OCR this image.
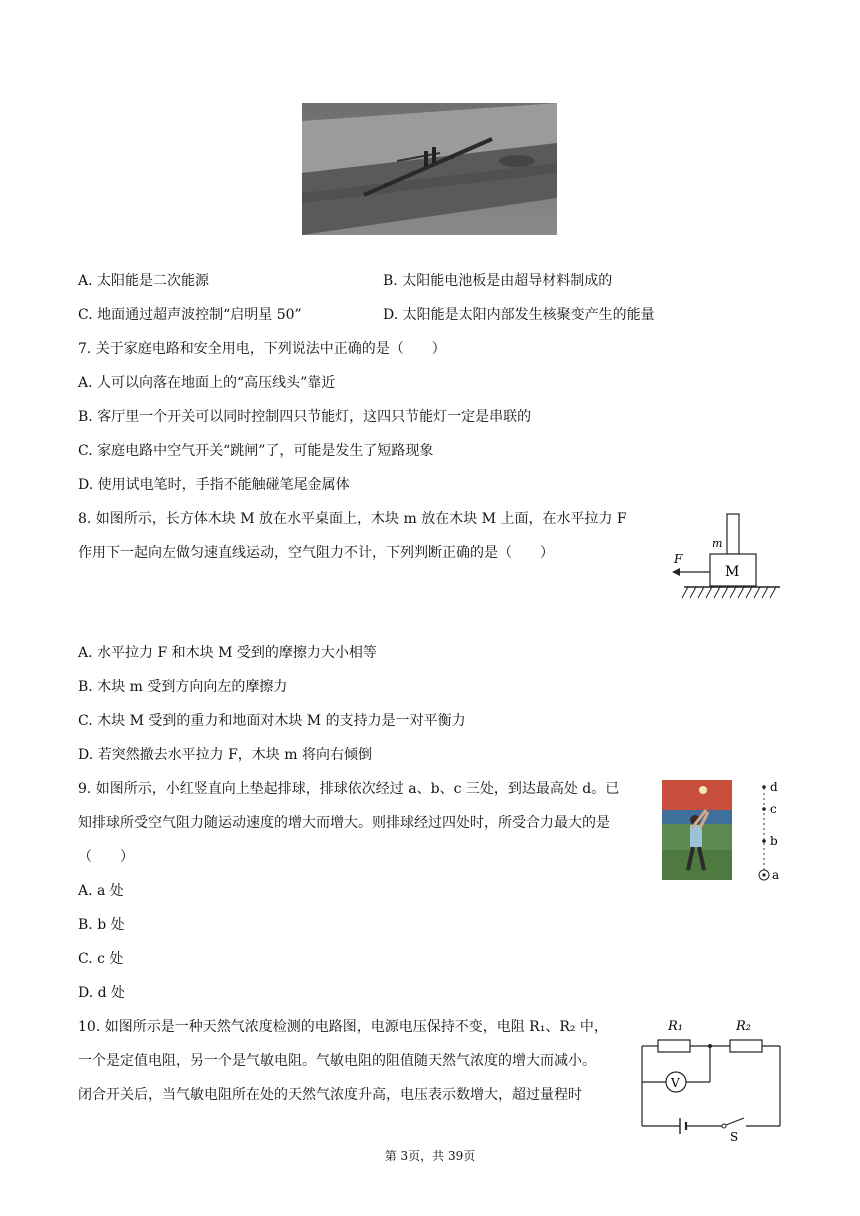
A. 太阳能是二次能源	B. 太阳能电池板是由超导材料制成的
C. 地面通过超声波控制“启明星 50”	D. 太阳能是太阳内部发生核聚变产生的能量
7. 关于家庭电路和安全用电，下列说法中正确的是（　　）
A. 人可以向落在地面上的“高压线头”靠近
B. 客厅里一个开关可以同时控制四只节能灯，这四只节能灯一定是串联的
C. 家庭电路中空气开关“跳闸”了，可能是发生了短路现象
D. 使用试电笔时，手指不能触碰笔尾金属体
8. 如图所示，长方体木块 M 放在水平桌面上，木块 m 放在木块 M 上面，在水平拉力 F
作用下一起向左做匀速直线运动，空气阻力不计，下列判断正确的是（　　）
m
M
F
A. 水平拉力 F 和木块 M 受到的摩擦力大小相等
B. 木块 m 受到方向向左的摩擦力
C. 木块 M 受到的重力和地面对木块 M 的支持力是一对平衡力
D. 若突然撤去水平拉力 F，木块 m 将向右倾倒
9. 如图所示，小红竖直向上垫起排球，排球依次经过 a、b、c 三处，到达最高处 d。已
知排球所受空气阻力随运动速度的增大而增大。则排球经过四处时，所受合力最大的是
（　　）
d
c
b
a
A. a 处
B. b 处
C. c 处
D. d 处
10. 如图所示是一种天然气浓度检测的电路图，电源电压保持不变，电阻 R₁、R₂ 中，
一个是定值电阻，另一个是气敏电阻。气敏电阻的阻值随天然气浓度的增大而减小。
闭合开关后，当气敏电阻所在处的天然气浓度升高，电压表示数增大，超过量程时
R₁	R₂
V
S
第 3页，共 39页
